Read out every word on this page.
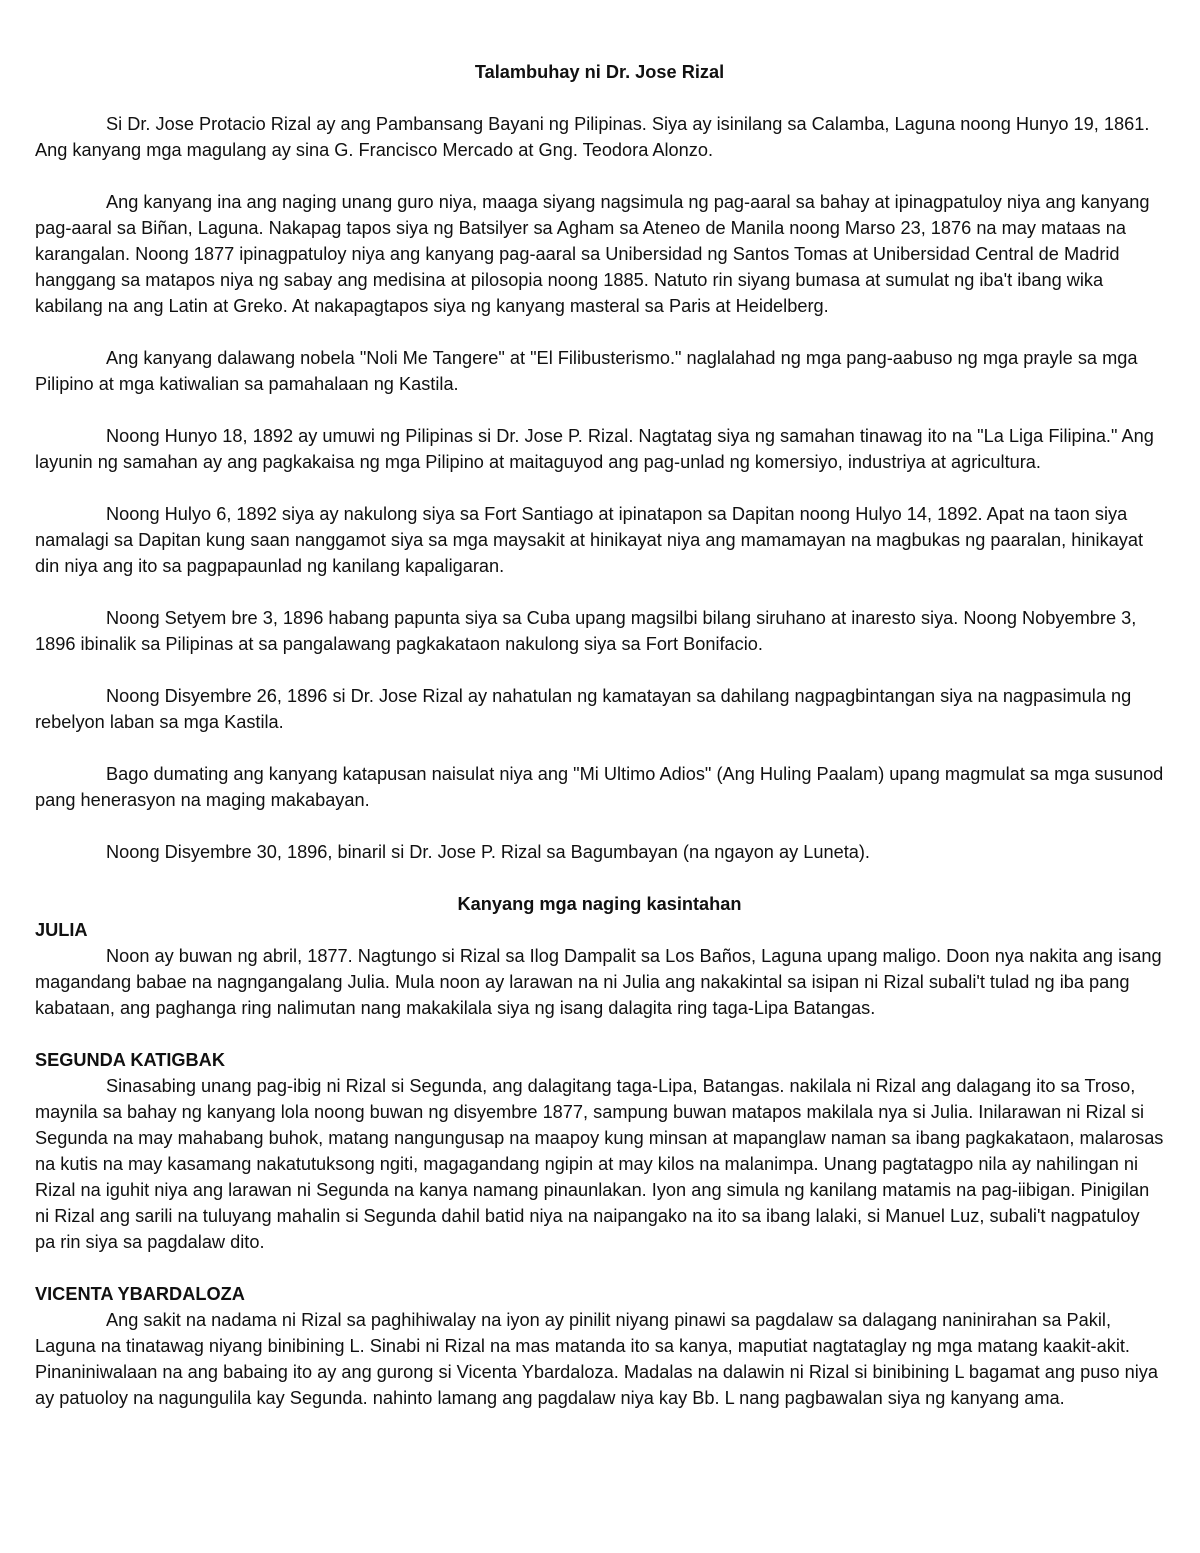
Talambuhay ni Dr. Jose Rizal

Si Dr. Jose Protacio Rizal ay ang Pambansang Bayani ng Pilipinas. Siya ay isinilang sa Calamba, Laguna noong Hunyo 19, 1861. Ang kanyang mga magulang ay sina G. Francisco Mercado at Gng. Teodora Alonzo.

Ang kanyang ina ang naging unang guro niya, maaga siyang nagsimula ng pag-aaral sa bahay at ipinagpatuloy niya ang kanyang pag-aaral sa Biñan, Laguna. Nakapag tapos siya ng Batsilyer sa Agham sa Ateneo de Manila noong Marso 23, 1876 na may mataas na karangalan. Noong 1877 ipinagpatuloy niya ang kanyang pag-aaral sa Unibersidad ng Santos Tomas at Unibersidad Central de Madrid hanggang sa matapos niya ng sabay ang medisina at pilosopia noong 1885. Natuto rin siyang bumasa at sumulat ng iba't ibang wika kabilang na ang Latin at Greko. At nakapagtapos siya ng kanyang masteral sa Paris at Heidelberg.

Ang kanyang dalawang nobela "Noli Me Tangere" at "El Filibusterismo." naglalahad ng mga pang-aabuso ng mga prayle sa mga Pilipino at mga katiwalian sa pamahalaan ng Kastila.

Noong Hunyo 18, 1892 ay umuwi ng Pilipinas si Dr. Jose P. Rizal. Nagtatag siya ng samahan tinawag ito na "La Liga Filipina." Ang layunin ng samahan ay ang pagkakaisa ng mga Pilipino at maitaguyod ang pag-unlad ng komersiyo, industriya at agricultura.

Noong Hulyo 6, 1892 siya ay nakulong siya sa Fort Santiago at ipinatapon sa Dapitan noong Hulyo 14, 1892. Apat na taon siya namalagi sa Dapitan kung saan nanggamot siya sa mga maysakit at hinikayat niya ang mamamayan na magbukas ng paaralan, hinikayat din niya ang ito sa pagpapaunlad ng kanilang kapaligaran.

Noong Setyem bre 3, 1896 habang papunta siya sa Cuba upang magsilbi bilang siruhano at inaresto siya. Noong Nobyembre 3, 1896 ibinalik sa Pilipinas at sa pangalawang pagkakataon nakulong siya sa Fort Bonifacio.

Noong Disyembre 26, 1896 si Dr. Jose Rizal ay nahatulan ng kamatayan sa dahilang nagpagbintangan siya na nagpasimula ng rebelyon laban sa mga Kastila.

Bago dumating ang kanyang katapusan naisulat niya ang "Mi Ultimo Adios" (Ang Huling Paalam) upang magmulat sa mga susunod pang henerasyon na maging makabayan.

Noong Disyembre 30, 1896, binaril si Dr. Jose P. Rizal sa Bagumbayan (na ngayon ay Luneta).

Kanyang mga naging kasintahan
JULIA

Noon ay buwan ng abril, 1877. Nagtungo si Rizal sa Ilog Dampalit sa Los Baños, Laguna upang maligo. Doon nya nakita ang isang magandang babae na nagngangalang Julia. Mula noon ay larawan na ni Julia ang nakakintal sa isipan ni Rizal subali't tulad ng iba pang kabataan, ang paghanga ring nalimutan nang makakilala siya ng isang dalagita ring taga-Lipa Batangas.

SEGUNDA KATIGBAK

Sinasabing unang pag-ibig ni Rizal si Segunda, ang dalagitang taga-Lipa, Batangas. nakilala ni Rizal ang dalagang ito sa Troso, maynila sa bahay ng kanyang lola noong buwan ng disyembre 1877, sampung buwan matapos makilala nya si Julia. Inilarawan ni Rizal si Segunda na may mahabang buhok, matang nangungusap na maapoy kung minsan at mapanglaw naman sa ibang pagkakataon, malarosas na kutis na may kasamang nakatutuksong ngiti, magagandang ngipin at may kilos na malanimpa. Unang pagtatagpo nila ay nahilingan ni Rizal na iguhit niya ang larawan ni Segunda na kanya namang pinaunlakan. Iyon ang simula ng kanilang matamis na pag-iibigan. Pinigilan ni Rizal ang sarili na tuluyang mahalin si Segunda dahil batid niya na naipangako na ito sa ibang lalaki, si Manuel Luz, subali't nagpatuloy pa rin siya sa pagdalaw dito.

VICENTA YBARDALOZA

Ang sakit na nadama ni Rizal sa paghihiwalay na iyon ay pinilit niyang pinawi sa pagdalaw sa dalagang naninirahan sa Pakil, Laguna na tinatawag niyang binibining L. Sinabi ni Rizal na mas matanda ito sa kanya, maputiat nagtataglay ng mga matang kaakit-akit. Pinaniniwalaan na ang babaing ito ay ang gurong si Vicenta Ybardaloza. Madalas na dalawin ni Rizal si binibining L bagamat ang puso niya ay patuoloy na nagungulila kay Segunda. nahinto lamang ang pagdalaw niya kay Bb. L nang pagbawalan siya ng kanyang ama.
